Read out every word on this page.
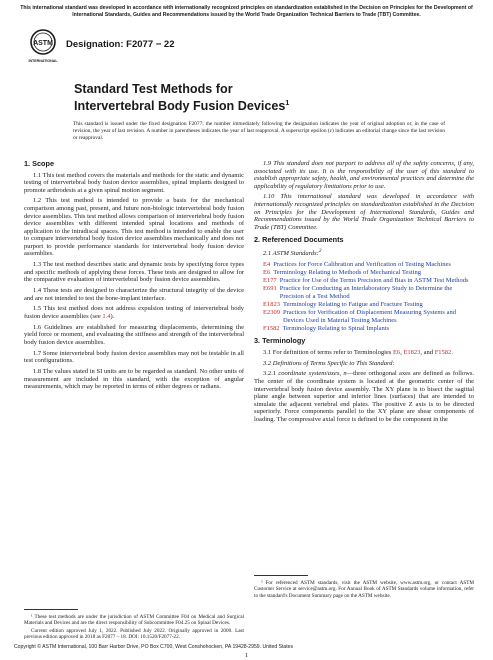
This international standard was developed in accordance with internationally recognized principles on standardization established in the Decision on Principles for the Development of International Standards, Guides and Recommendations issued by the World Trade Organization Technical Barriers to Trade (TBT) Committee.
ASTM
INTERNATIONAL
Designation: F2077 − 22
Standard Test Methods for
Intervertebral Body Fusion Devices$^1$
This standard is issued under the fixed designation F2077; the number immediately following the designation indicates the year of original adoption or, in the case of revision, the year of last revision. A number in parentheses indicates the year of last reapproval. A superscript epsilon (ε) indicates an editorial change since the last revision or reapproval.
1. Scope

1.1 This test method covers the materials and methods for the static and dynamic testing of intervertebral body fusion device assemblies, spinal implants designed to promote arthrodesis at a given spinal motion segment.

1.2 This test method is intended to provide a basis for the mechanical comparison among past, present, and future non-biologic intervertebral body fusion device assemblies. This test method allows comparison of intervertebral body fusion device assemblies with different intended spinal locations and methods of application to the intradiscal spaces. This test method is intended to enable the user to compare intervertebral body fusion device assemblies mechanically and does not purport to provide performance standards for intervertebral body fusion device assemblies.

1.3 The test method describes static and dynamic tests by specifying force types and specific methods of applying these forces. These tests are designed to allow for the comparative evaluation of intervertebral body fusion device assemblies.

1.4 These tests are designed to characterize the structural integrity of the device and are not intended to test the bone-implant interface.

1.5 This test method does not address expulsion testing of intervertebral body fusion device assemblies (see 1.4).

1.6 Guidelines are established for measuring displacements, determining the yield force or moment, and evaluating the stiffness and strength of the intervertebral body fusion device assemblies.

1.7 Some intervertebral body fusion device assemblies may not be testable in all test configurations.

1.8 The values stated in SI units are to be regarded as standard. No other units of measurement are included in this standard, with the exception of angular measurements, which may be reported in terms of either degrees or radians.

¹ These test methods are under the jurisdiction of ASTM Committee F04 on Medical and Surgical Materials and Devices and are the direct responsibility of Subcommittee F04.25 on Spinal Devices.

Current edition approved July 1, 2022. Published July 2022. Originally approved in 2000. Last previous edition approved in 2018 as F2077 – 18. DOI: 10.1520/F2077-22.

1.9 This standard does not purport to address all of the safety concerns, if any, associated with its use. It is the responsibility of the user of this standard to establish appropriate safety, health, and environmental practices and determine the applicability of regulatory limitations prior to use.

1.10 This international standard was developed in accordance with internationally recognized principles on standardization established in the Decision on Principles for the Development of International Standards, Guides and Recommendations issued by the World Trade Organization Technical Barriers to Trade (TBT) Committee.

2. Referenced Documents

2.1 ASTM Standards:$^2$

E4 Practices for Force Calibration and Verification of Testing Machines
E6 Terminology Relating to Methods of Mechanical Testing
E177 Practice for Use of the Terms Precision and Bias in ASTM Test Methods
E691 Practice for Conducting an Interlaboratory Study to Determine the Precision of a Test Method
E1823 Terminology Relating to Fatigue and Fracture Testing
E2309 Practices for Verification of Displacement Measuring Systems and Devices Used in Material Testing Machines
F1582 Terminology Relating to Spinal Implants
3. Terminology

3.1 For definition of terms refer to Terminologies E6, E1823, and F1582.

3.2 Definitions of Terms Specific to This Standard:

3.2.1 coordinate system/axes, n—three orthogonal axes are defined as follows. The center of the coordinate system is located at the geometric center of the intervertebral body fusion device assembly. The XY plane is to bisect the sagittal plane angle between superior and inferior lines (surfaces) that are intended to simulate the adjacent vertebral end plates. The positive Z axis is to be directed superiorly. Force components parallel to the XY plane are shear components of loading. The compressive axial force is defined to be the component in the

² For referenced ASTM standards, visit the ASTM website, www.astm.org, or contact ASTM Customer Service at service@astm.org. For Annual Book of ASTM Standards volume information, refer to the standard's Document Summary page on the ASTM website.

Copyright © ASTM International, 100 Barr Harbor Drive, PO Box C700, West Conshohocken, PA 19428-2959. United States
1
